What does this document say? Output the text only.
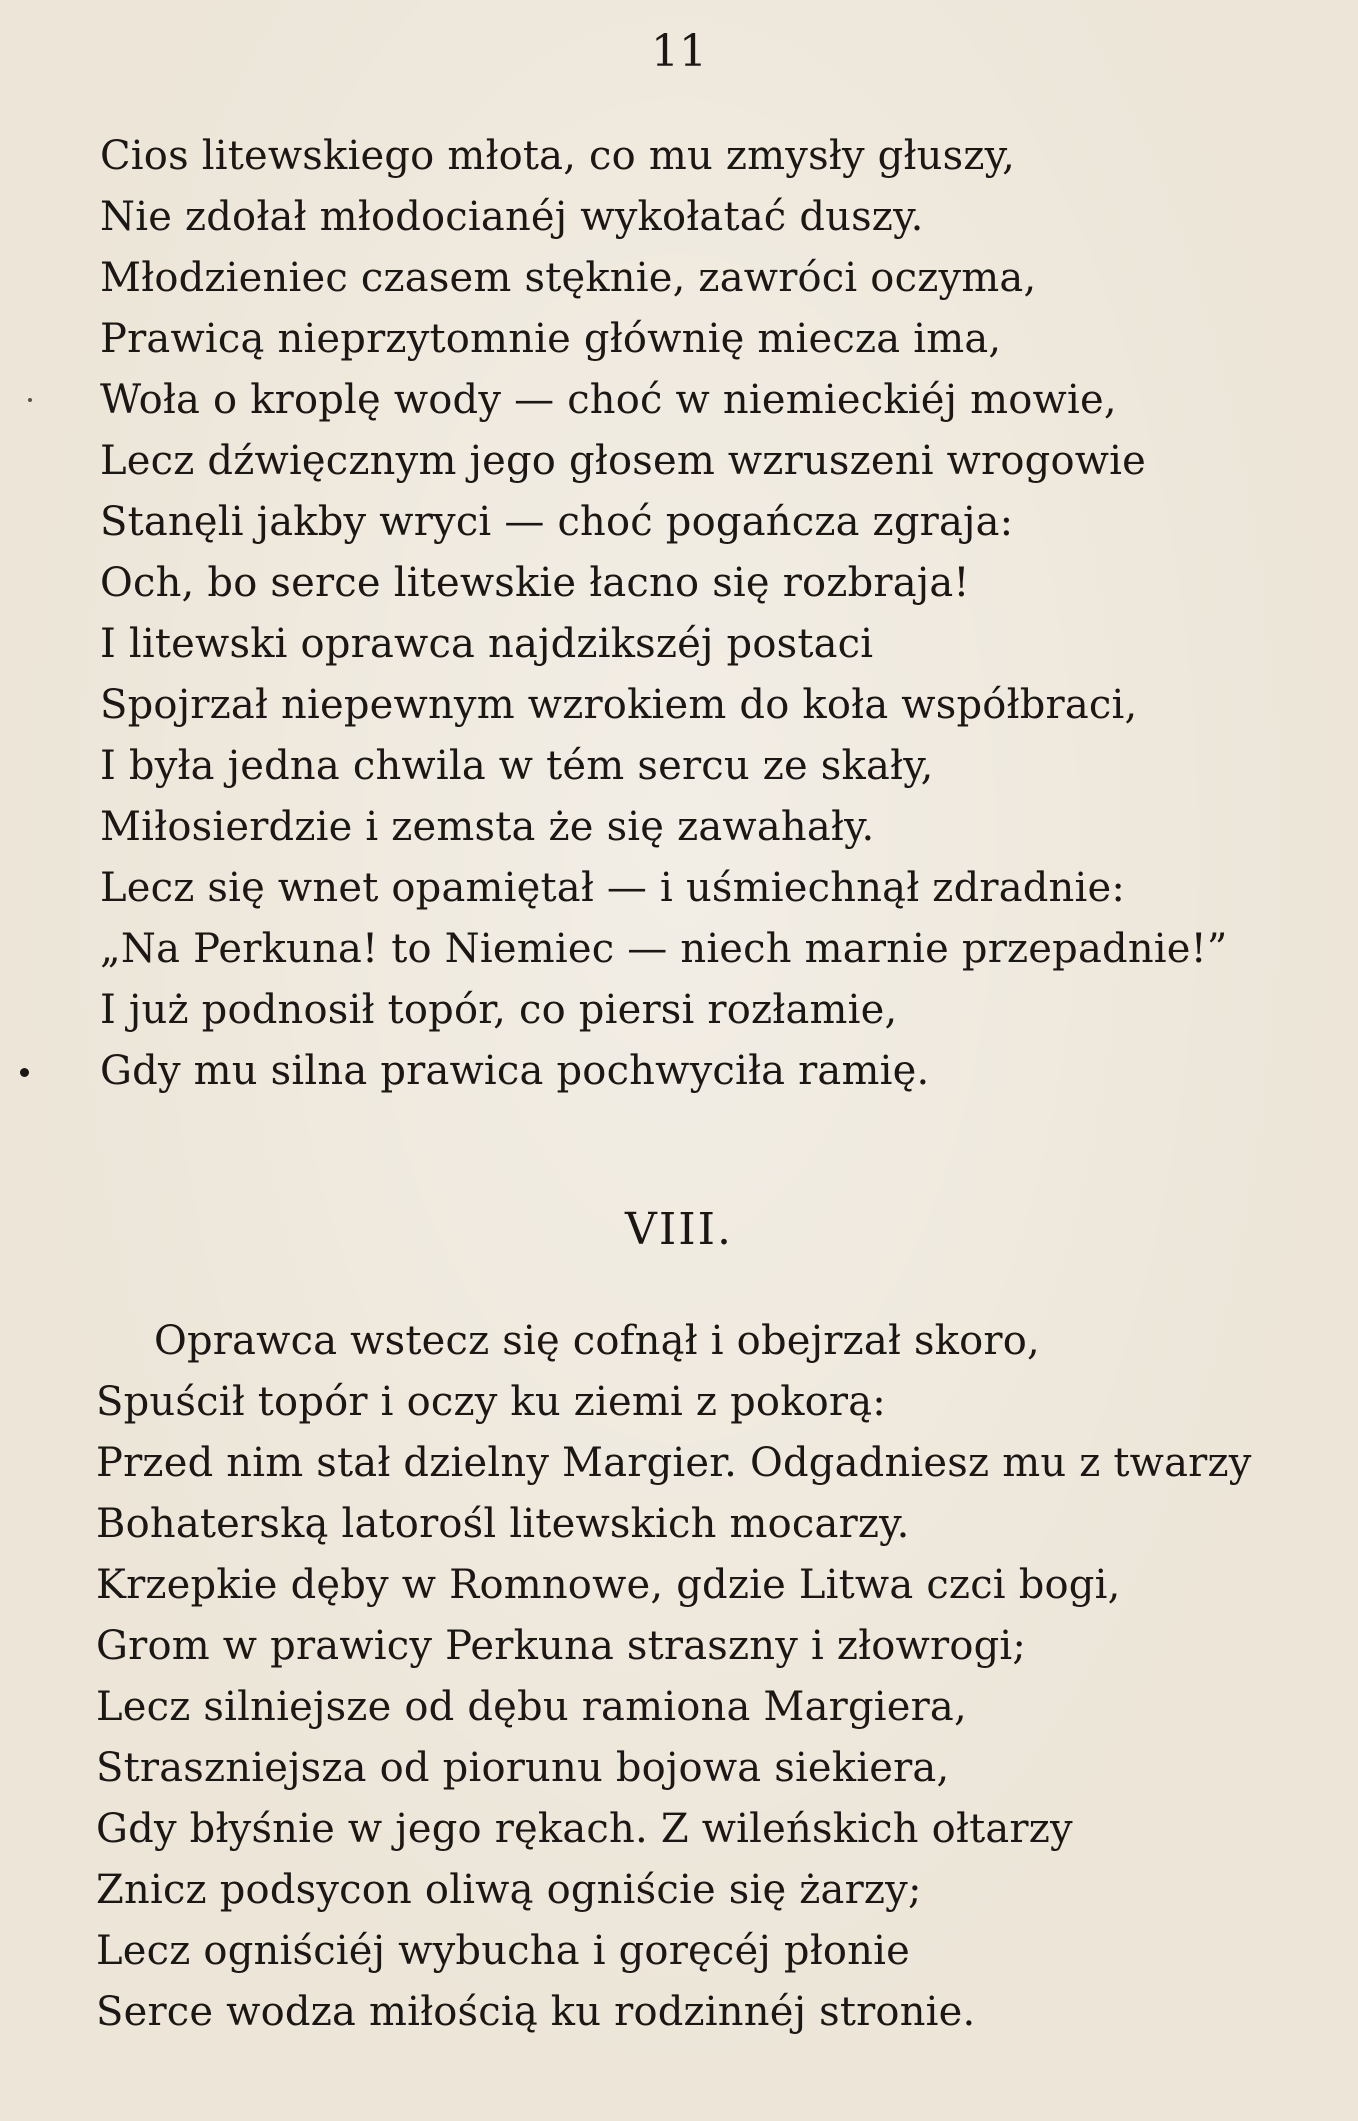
11
Cios litewskiego młota, co mu zmysły głuszy,
Nie zdołał młodocianéj wykołatać duszy.
Młodzieniec czasem stęknie, zawróci oczyma,
Prawicą nieprzytomnie głównię miecza ima,
Woła o kroplę wody — choć w niemieckiéj mowie,
Lecz dźwięcznym jego głosem wzruszeni wrogowie
Stanęli jakby wryci — choć pogańcza zgraja:
Och, bo serce litewskie łacno się rozbraja!
I litewski oprawca najdzikszéj postaci
Spojrzał niepewnym wzrokiem do koła współbraci,
I była jedna chwila w tém sercu ze skały,
Miłosierdzie i zemsta że się zawahały.
Lecz się wnet opamiętał — i uśmiechnął zdradnie:
„Na Perkuna! to Niemiec — niech marnie przepadnie!”
I już podnosił topór, co piersi rozłamie,
Gdy mu silna prawica pochwyciła ramię.
VIII.
Oprawca wstecz się cofnął i obejrzał skoro,
Spuścił topór i oczy ku ziemi z pokorą:
Przed nim stał dzielny Margier. Odgadniesz mu z twarzy
Bohaterską latorośl litewskich mocarzy.
Krzepkie dęby w Romnowe, gdzie Litwa czci bogi,
Grom w prawicy Perkuna straszny i złowrogi;
Lecz silniejsze od dębu ramiona Margiera,
Straszniejsza od piorunu bojowa siekiera,
Gdy błyśnie w jego rękach. Z wileńskich ołtarzy
Znicz podsycon oliwą ogniście się żarzy;
Lecz ogniściéj wybucha i goręcéj płonie
Serce wodza miłością ku rodzinnéj stronie.
